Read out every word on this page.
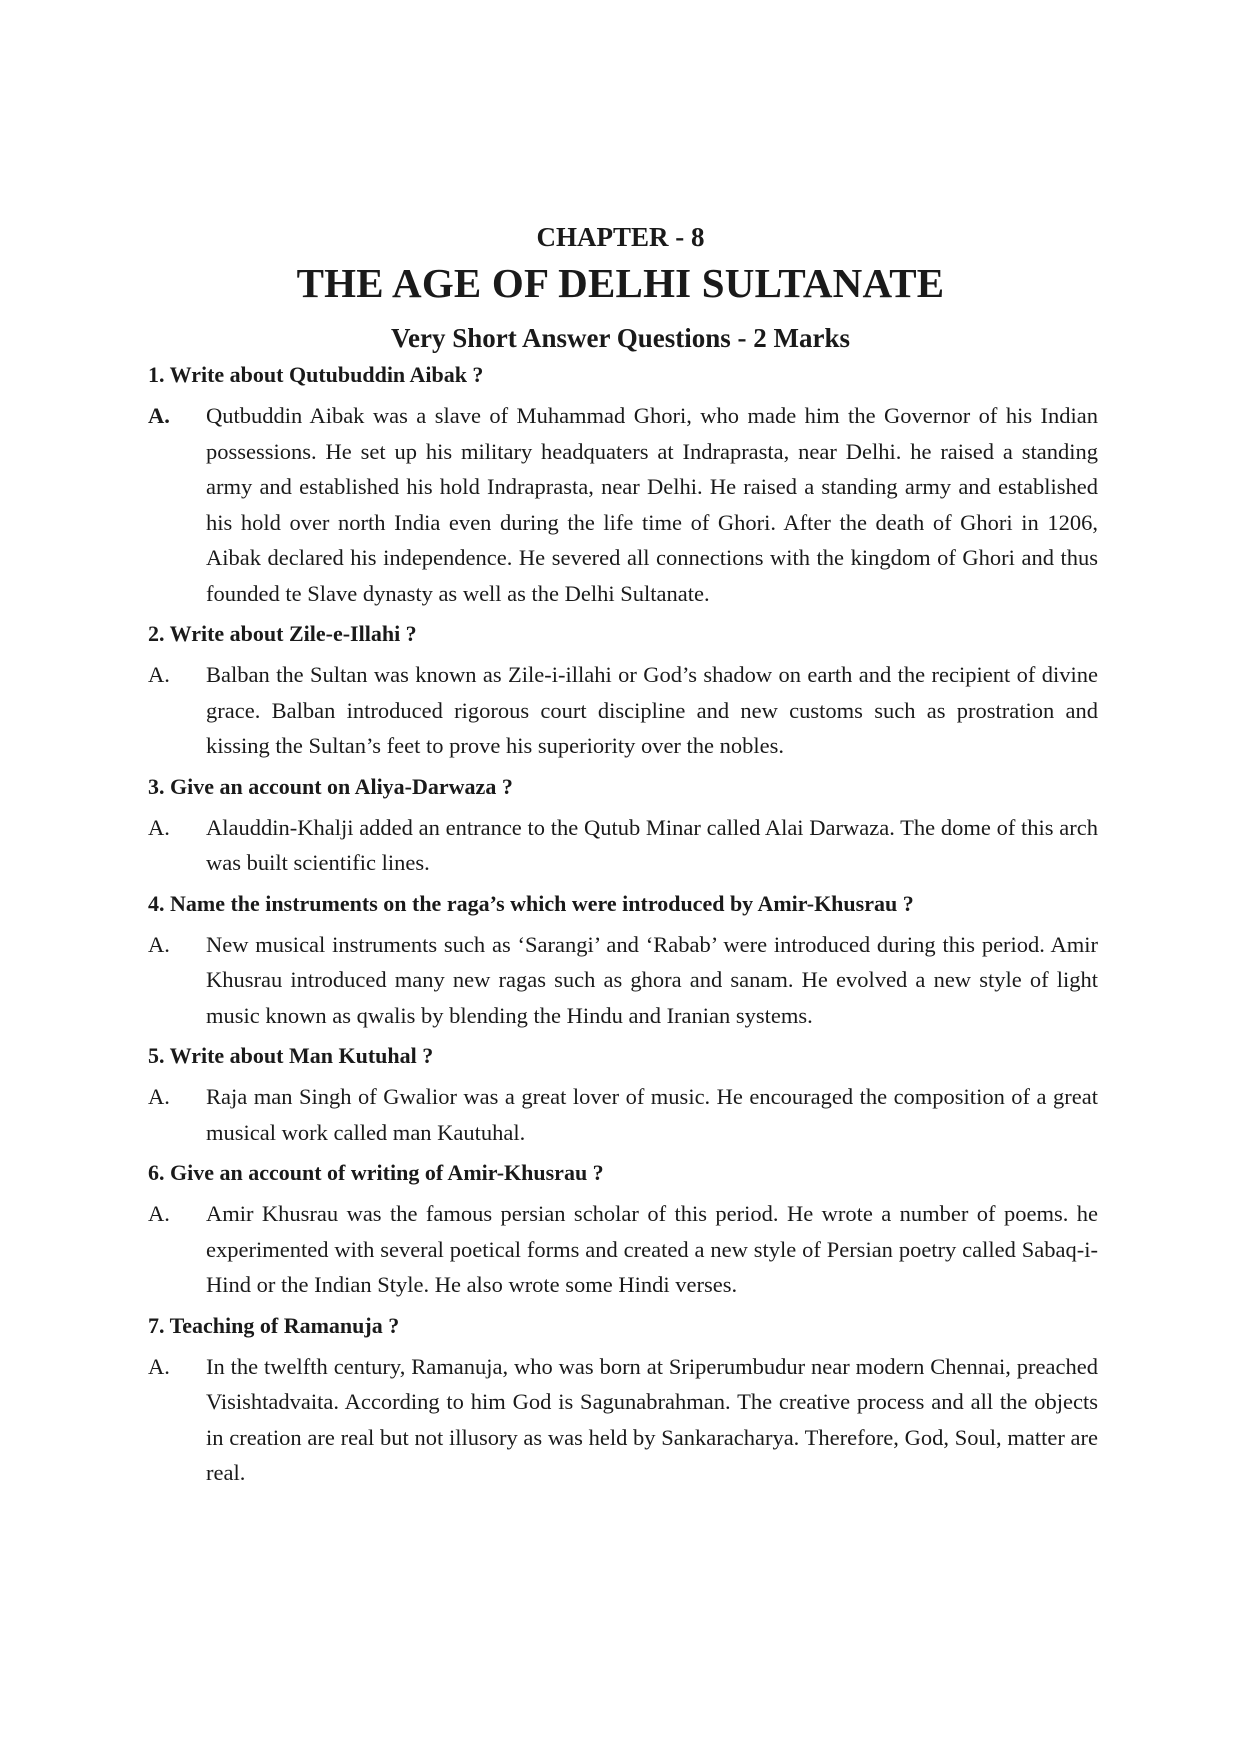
CHAPTER - 8

THE AGE OF DELHI SULTANATE

Very Short Answer Questions - 2 Marks

1. Write about Qutubuddin Aibak ?

A.	Qutbuddin Aibak was a slave of Muhammad Ghori, who made him the Governor of his Indian possessions. He set up his military headquaters at Indraprasta, near Delhi. he raised a standing army and established his hold Indraprasta, near Delhi. He raised a standing army and established his hold over north India even during the life time of Ghori. After the death of Ghori in 1206, Aibak declared his independence. He severed all connections with the kingdom of Ghori and thus founded te Slave dynasty as well as the Delhi Sultanate.

2. Write about Zile-e-Illahi ?

A.	Balban the Sultan was known as Zile-i-illahi or God’s shadow on earth and the recipient of divine grace. Balban introduced rigorous court discipline and new customs such as prostration and kissing the Sultan’s feet to prove his superiority over the nobles.

3. Give an account on Aliya-Darwaza ?

A.	Alauddin-Khalji added an entrance to the Qutub Minar called Alai Darwaza. The dome of this arch was built scientific lines.

4. Name the instruments on the raga’s which were introduced by Amir-Khusrau ?

A.	New musical instruments such as ‘Sarangi’ and ‘Rabab’ were introduced during this period. Amir Khusrau introduced many new ragas such as ghora and sanam. He evolved a new style of light music known as qwalis by blending the Hindu and Iranian systems.

5. Write about Man Kutuhal ?

A.	Raja man Singh of Gwalior was a great lover of music. He encouraged the composition of a great musical work called man Kautuhal.

6. Give an account of writing of Amir-Khusrau ?

A.	Amir Khusrau was the famous persian scholar of this period. He wrote a number of poems. he experimented with several poetical forms and created a new style of Persian poetry called Sabaq-i-Hind or the Indian Style. He also wrote some Hindi verses.

7. Teaching of Ramanuja ?

A.	In the twelfth century, Ramanuja, who was born at Sriperumbudur near modern Chennai, preached Visishtadvaita. According to him God is Sagunabrahman. The creative process and all the objects in creation are real but not illusory as was held by Sankaracharya. Therefore, God, Soul, matter are real.
